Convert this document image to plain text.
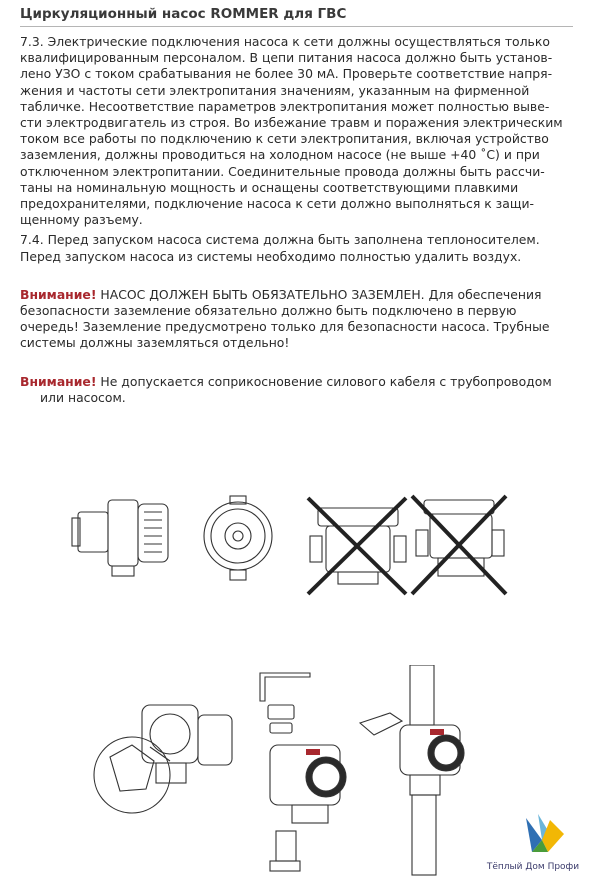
Циркуляционный насос ROMMER для ГВС

7.3. Электрические подключения насоса к сети должны осуществляться только

квалифицированным персоналом. В цепи питания насоса должно быть установ-

лено УЗО с током срабатывания не более 30 мА. Проверьте соответствие напря-

жения и частоты сети электропитания значениям, указанным на фирменной

табличке. Несоответствие параметров электропитания может полностью выве-

сти электродвигатель из строя. Во избежание травм и поражения электрическим

током все работы по подключению к сети электропитания, включая устройство

заземления, должны проводиться на холодном насосе (не выше +40 ˚С) и при

отключенном электропитании. Соединительные провода должны быть рассчи-

таны на номинальную мощность и оснащены соответствующими плавкими

предохранителями, подключение насоса к сети должно выполняться к защи-

щенному разъему.

7.4. Перед запуском насоса система должна быть заполнена теплоносителем.

Перед запуском насоса из системы необходимо полностью удалить воздух.

Внимание! НАСОС ДОЛЖЕН БЫТЬ ОБЯЗАТЕЛЬНО ЗАЗЕМЛЕН. Для обеспечения

безопасности заземление обязательно должно быть подключено в первую

очередь! Заземление предусмотрено только для безопасности насоса. Трубные

системы должны заземляться отдельно!

Внимание! Не допускается соприкосновение силового кабеля с трубопроводом

или насосом.

Тёплый Дом Профи
